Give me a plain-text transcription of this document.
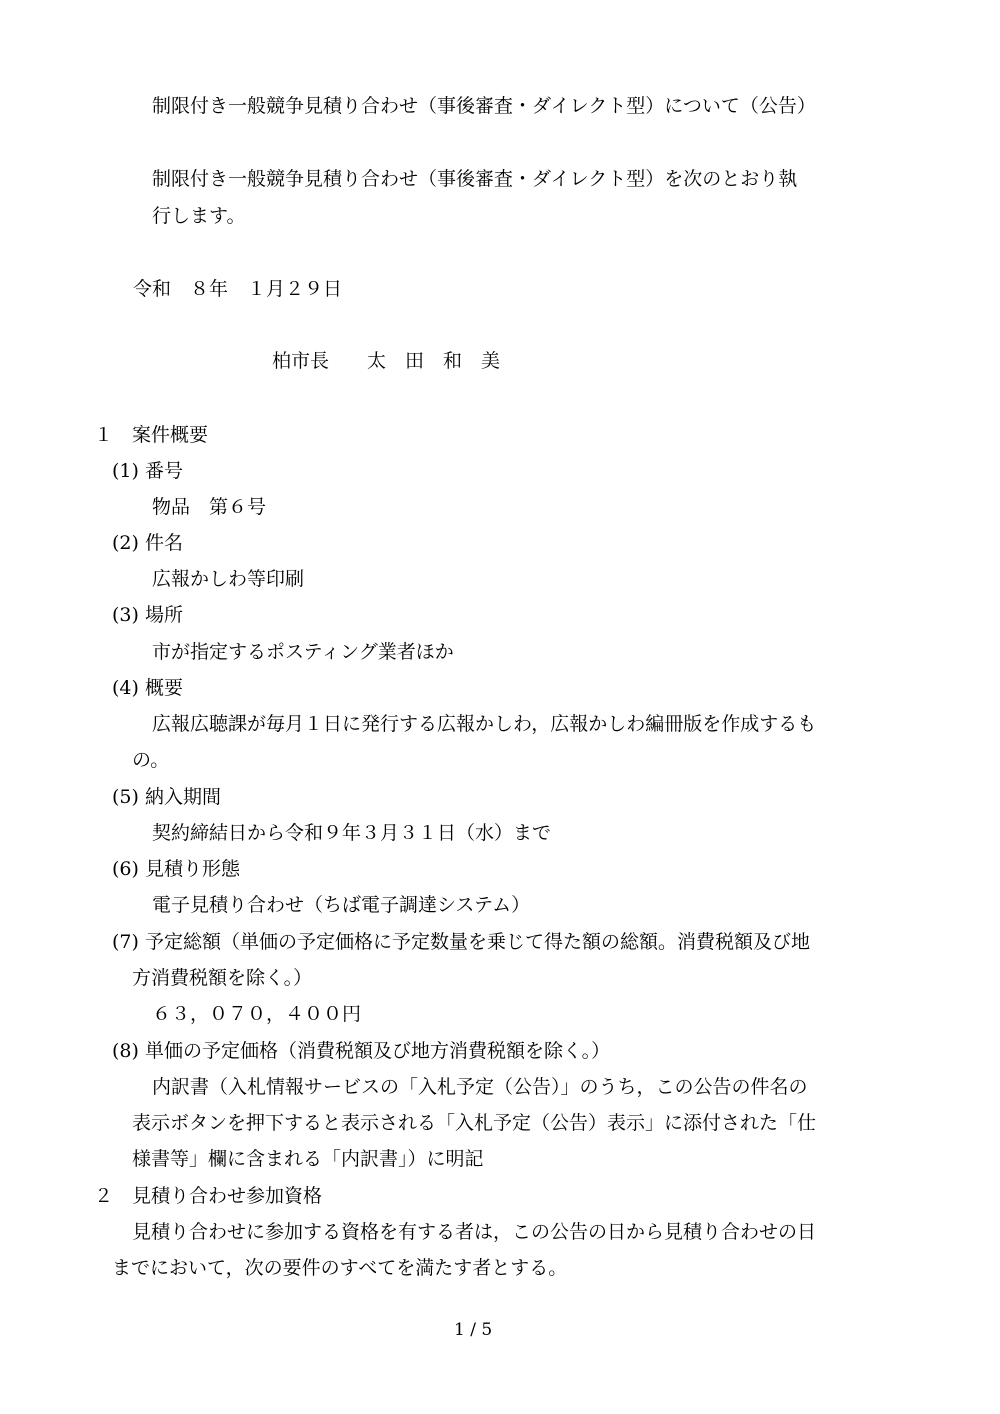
制限付き一般競争見積り合わせ（事後審査・ダイレクト型）について（公告）
制限付き一般競争見積り合わせ（事後審査・ダイレクト型）を次のとおり執
行します。
令和　８年　１月２９日
柏市長　　太　田　和　美
１　案件概要
(1) 番号
物品　第６号
(2) 件名
広報かしわ等印刷
(3) 場所
市が指定するポスティング業者ほか
(4) 概要
広報広聴課が毎月１日に発行する広報かしわ，広報かしわ編冊版を作成するも
の。
(5) 納入期間
契約締結日から令和９年３月３１日（水）まで
(6) 見積り形態
電子見積り合わせ（ちば電子調達システム）
(7) 予定総額（単価の予定価格に予定数量を乗じて得た額の総額。消費税額及び地
方消費税額を除く。）
６３，０７０，４００円
(8) 単価の予定価格（消費税額及び地方消費税額を除く。）
内訳書（入札情報サービスの「入札予定（公告）」のうち，この公告の件名の
表示ボタンを押下すると表示される「入札予定（公告）表示」に添付された「仕
様書等」欄に含まれる「内訳書」）に明記
２　見積り合わせ参加資格
見積り合わせに参加する資格を有する者は，この公告の日から見積り合わせの日
までにおいて，次の要件のすべてを満たす者とする。
1 / 5
